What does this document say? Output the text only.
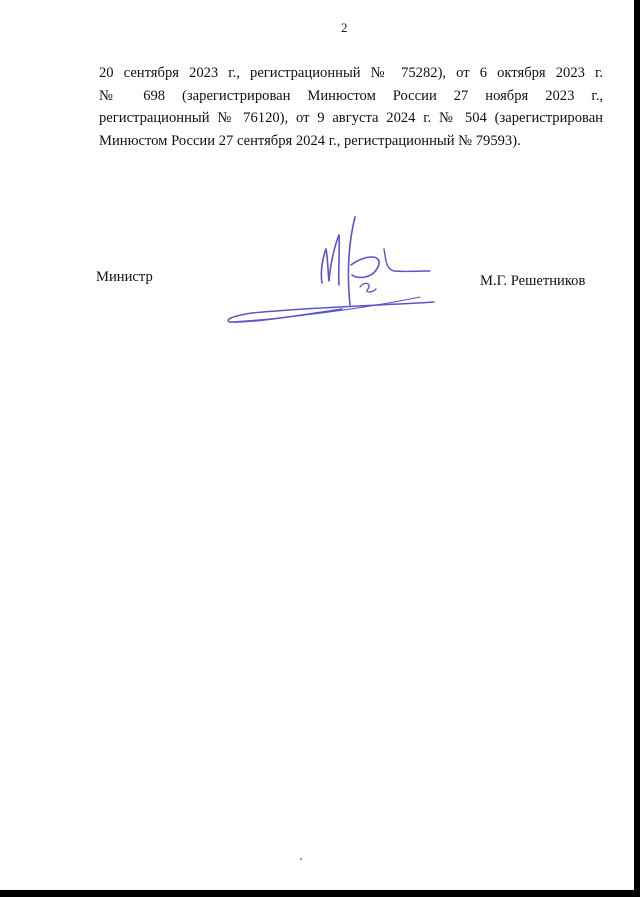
2

20 сентября 2023 г., регистрационный № 75282), от 6 октября 2023 г.
№ 698 (зарегистрирован Минюстом России 27 ноября 2023 г.,
регистрационный № 76120), от 9 августа 2024 г. № 504 (зарегистрирован
Минюстом России 27 сентября 2024 г., регистрационный № 79593).

Министр	М.Г. Решетников
